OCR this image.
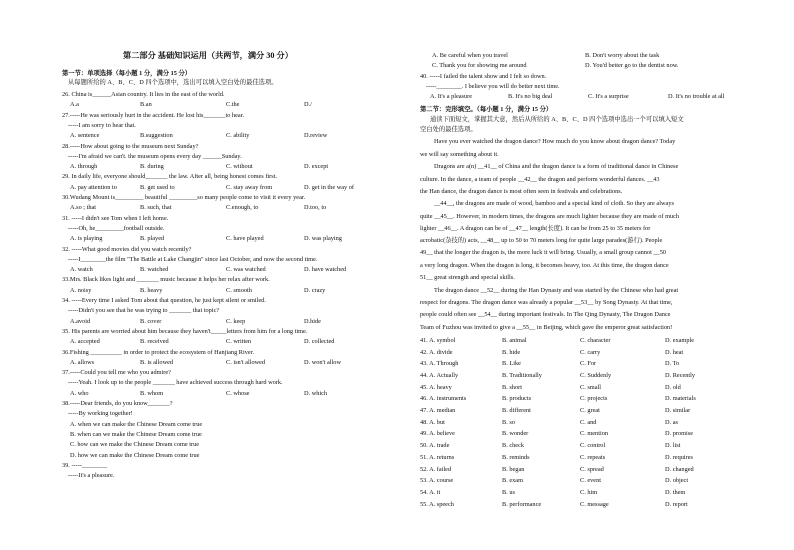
第二部分 基础知识运用（共两节，满分 30 分）
第一节：单项选择（每小题 1 分，满分 15 分）
从每题所给的 A、B、C、D 四个选项中，选出可以填入空白处的最佳选项。
26. China is______Asian country. It lies in the east of the world.
A.a	B.an	C.the	D./
27.-----He was seriously hurt in the accident. He lost his_______to hear.
-----I am sorry to hear that.
A. sentence	B.suggestion	C. ability	D.review
28.-----How about going to the museum next Sunday?
-----I'm afraid we can't. the museum opens every day ______Sunday.
A. through	B. during	C. without	D. except
29. In daily life, everyone should_______ the law. After all, being honest comes first.
A. pay attention to	B. get used to	C. stay away from	D. get in the way of
30.Wudang Mount is_________ beautiful _________so many people come to visit it every year.
A.so ; that	B. such, that	C.enough, to	D.too, to
31. -----I didn't see Tom when I left home.
-----Oh, he_________football outside.
A. is playing	B. played	C. have played	D. was playing
32. -----What good movies did you watch recently?
-----I________the film "The Battle at Lake Changjin" since last October, and now the second time.
A. watch	B. watched	C. was watched	D. have watched
33.Mrs. Black likes light and _______ music because it helps her relax after work.
A. noisy	B. heavy	C. smooth	D. crazy
34. -----Every time I asked Tom about that question, he just kept silent or smiled.
-----Didn't you see that he was trying to _______ that topic?
A.avoid	B. cover	C. keep	D.hide
35. His parents are worried about him because they haven't_____letters from him for a long time.
A. accepted	B. received	C. written	D. collected
36.Fishing __________ in order to protect the ecosystem of Hanjiang River.
A. allows	B. is allowed	C. isn't allowed	D. won't allow
37.-----Could you tell me who you admire?
-----Yeah. I look up to the people _______ have achieved success through hard work.
A. who	B. whom	C. whose	D. which
38.-----Dear friends, do you know_______?
-----By working together!
A. when we can make the Chinese Dream come true
B. when can we make the Chinese Dream come true
C. how can we make the Chinese Dream come true
D. how we can make the Chinese Dream come true
39. -----________
-----It's a pleasure.
A. Be careful when you travel	B. Don't worry about the task
C. Thank you for showing me around	D. You'd better go to the dentist now.
40. -----I failed the talent show and I felt so down.
-----________. I believe you will do better next time.
A. It's a pleasure	B. It's no big deal	C. It's a surprise	D. It's no trouble at all
第二节：完形填空。（每小题 1 分，满分 15 分）
通读下面短文，掌握其大意，然后从所给的 A、B、C、D 四个选项中选出一个可以填入短文
空白处的最佳选项。
Have you ever watched the dragon dance? How much do you know about dragon dance? Today
we will say something about it.
Dragons are a(n) __41__ of China and the dragon dance is a form of traditional dance in Chinese
culture. In the dance, a team of people __42__ the dragon and perform wonderful dances. __43
the Han dance, the dragon dance is most often seen in festivals and celebrations.
__44__, the dragons are made of wood, bamboo and a special kind of cloth. So they are always
quite __45__. However, in modern times, the dragons are much lighter because they are made of much
lighter __46__. A dragon can be of __47__ length(长度). It can be from 25 to 35 meters for
acrobatic(杂技的) acts, __48__ up to 50 to 70 meters long for quite large parades(游行). People
49__ that the longer the dragon is, the more luck it will bring. Usually, a small group cannot __50
a very long dragon. When the dragon is long, it becomes heavy, too. At this time, the dragon dance
51__ great strength and special skills.
The dragon dance __52__ during the Han Dynasty and was started by the Chinese who had great
respect for dragons. The dragon dance was already a popular __53__ by Song Dynasty. At that time,
people could often see __54__ during important festivals. In The Qing Dynasty, The Dragon Dance
Team of Fuzhou was invited to give a __55__ in Beijing, which gave the emperor great satisfaction!
41. A. symbol	B. animal	C. character	D. example
42. A. divide	B. hide	C. carry	D. heat
43. A. Through	B. Like	C. For	D. To
44. A. Actually	B. Traditionally	C. Suddenly	D. Recently
45. A. heavy	B. short	C. small	D. old
46. A. instruments	B. products	C. projects	D. materials
47. A. median	B. different	C. great	D. similar
48. A. but	B. so	C. and	D. as
49. A. believe	B. wonder	C. mention	D. promise
50. A. trade	B. check	C. control	D. list
51. A. returns	B. reminds	C. repeats	D. requires
52. A. failed	B. began	C. spread	D. changed
53. A. course	B. exam	C. event	D. object
54. A. it	B. us	C. him	D. them
55. A. speech	B. performance	C. message	D. report
